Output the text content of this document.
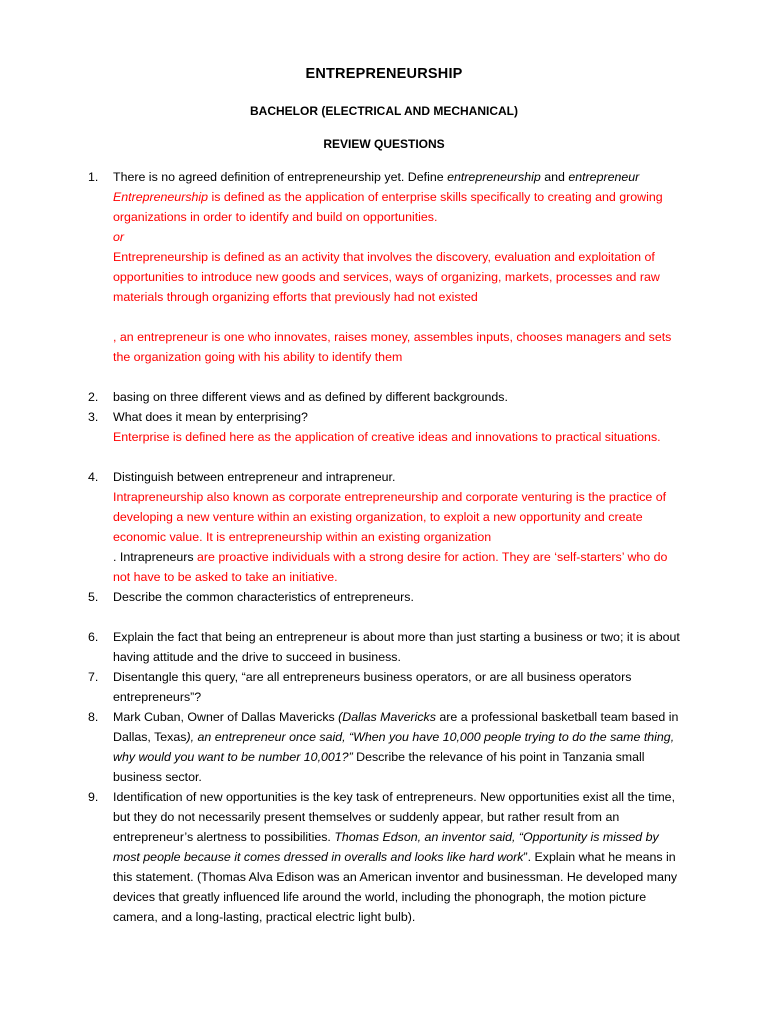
ENTREPRENEURSHIP
BACHELOR (ELECTRICAL AND MECHANICAL)
REVIEW QUESTIONS
1.	There is no agreed definition of entrepreneurship yet. Define entrepreneurship and entrepreneur
Entrepreneurship is defined as the application of enterprise skills specifically to creating and growing organizations in order to identify and build on opportunities.
or
Entrepreneurship is defined as an activity that involves the discovery, evaluation and exploitation of opportunities to introduce new goods and services, ways of organizing, markets, processes and raw materials through organizing efforts that previously had not existed
, an entrepreneur is one who innovates, raises money, assembles inputs, chooses managers and sets the organization going with his ability to identify them
2.	basing on three different views and as defined by different backgrounds.
3.	What does it mean by enterprising?
Enterprise is defined here as the application of creative ideas and innovations to practical situations.
4.	Distinguish between entrepreneur and intrapreneur.
Intrapreneurship also known as corporate entrepreneurship and corporate venturing is the practice of developing a new venture within an existing organization, to exploit a new opportunity and create economic value. It is entrepreneurship within an existing organization
. Intrapreneurs are proactive individuals with a strong desire for action. They are ‘self-starters’ who do not have to be asked to take an initiative.
5.	Describe the common characteristics of entrepreneurs.
6.	Explain the fact that being an entrepreneur is about more than just starting a business or two; it is about having attitude and the drive to succeed in business.
7.	Disentangle this query, “are all entrepreneurs business operators, or are all business operators entrepreneurs”?
8.	Mark Cuban, Owner of Dallas Mavericks (Dallas Mavericks are a professional basketball team based in Dallas, Texas), an entrepreneur once said, “When you have 10,000 people trying to do the same thing, why would you want to be number 10,001?” Describe the relevance of his point in Tanzania small business sector.
9.	Identification of new opportunities is the key task of entrepreneurs. New opportunities exist all the time, but they do not necessarily present themselves or suddenly appear, but rather result from an entrepreneur’s alertness to possibilities. Thomas Edson, an inventor said, “Opportunity is missed by most people because it comes dressed in overalls and looks like hard work”. Explain what he means in this statement. (Thomas Alva Edison was an American inventor and businessman. He developed many devices that greatly influenced life around the world, including the phonograph, the motion picture camera, and a long-lasting, practical electric light bulb).
